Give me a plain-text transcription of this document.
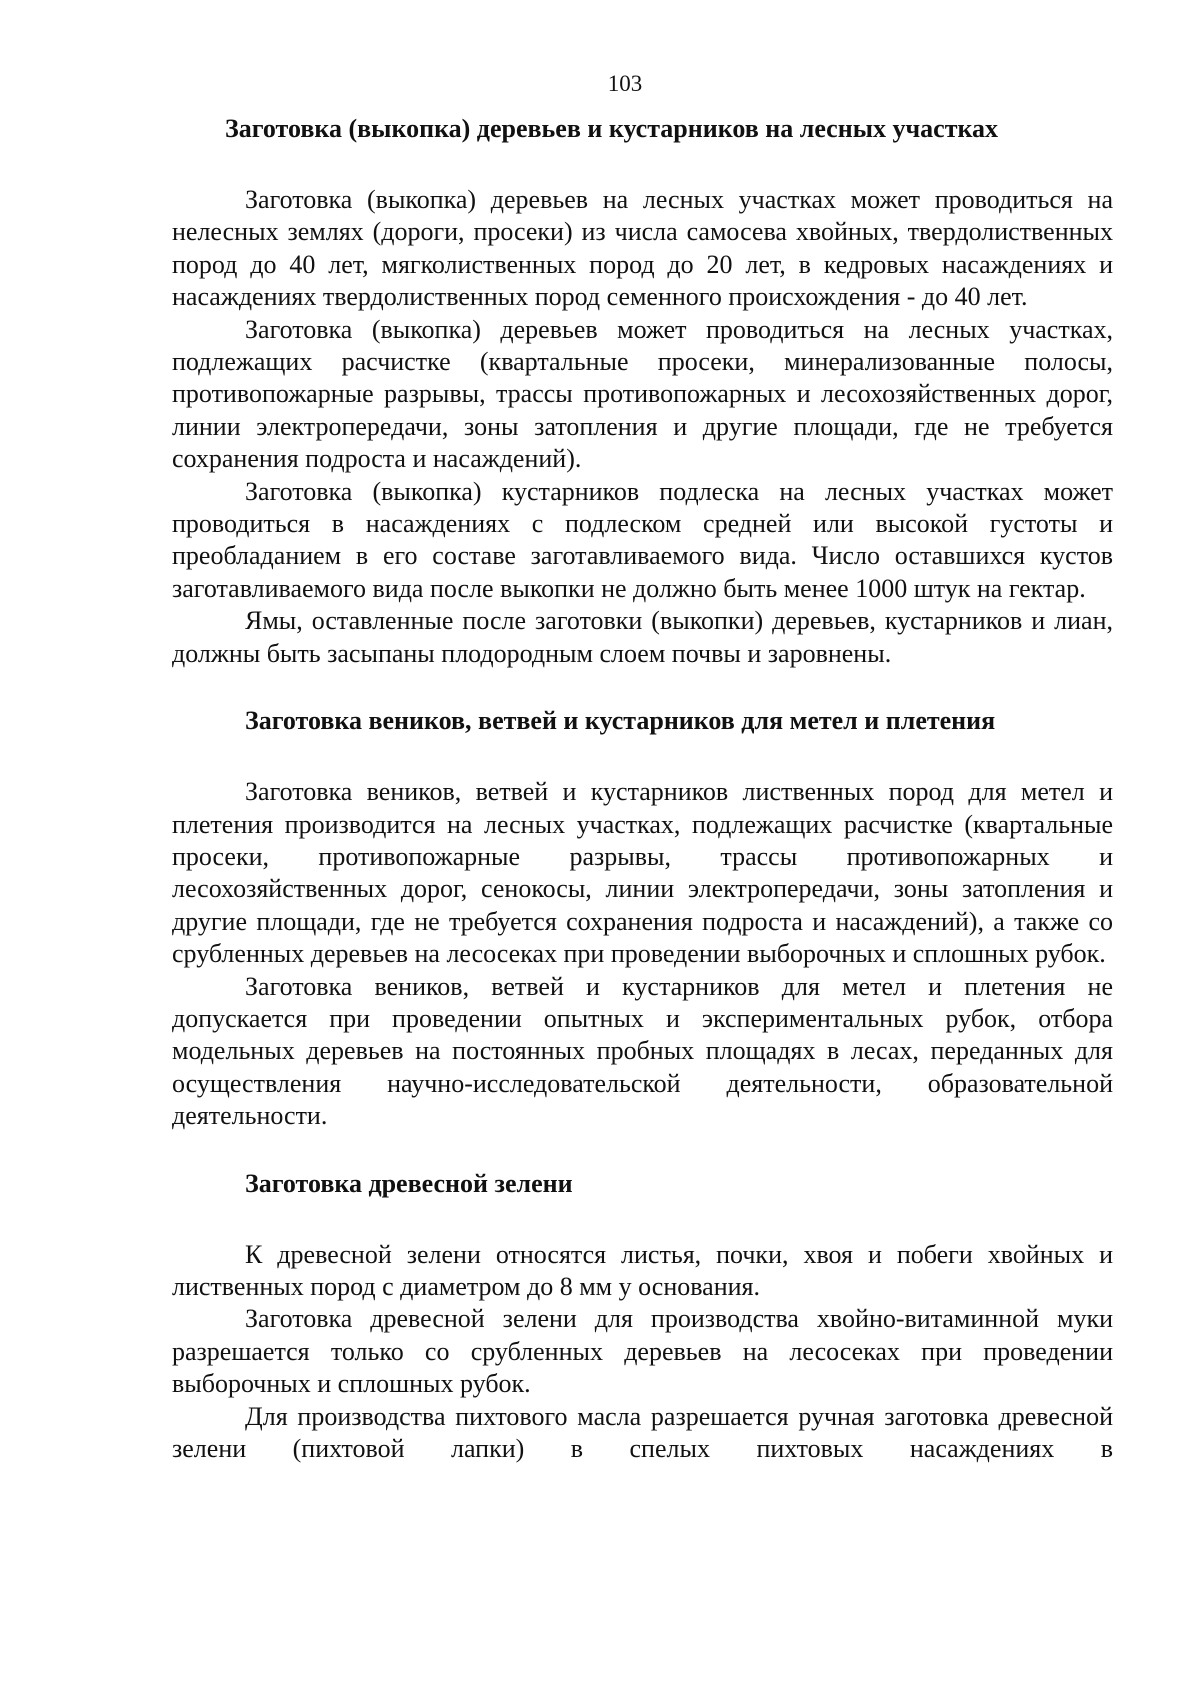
103
Заготовка (выкопка) деревьев и кустарников на лесных участках

Заготовка (выкопка) деревьев на лесных участках может проводиться на нелесных землях (дороги, просеки) из числа самосева хвойных, твердолиственных пород до 40 лет, мягколиственных пород до 20 лет, в кедровых насаждениях и насаждениях твердолиственных пород семенного происхождения - до 40 лет.

Заготовка (выкопка) деревьев может проводиться на лесных участках, подлежащих расчистке (квартальные просеки, минерализованные полосы, противопожарные разрывы, трассы противопожарных и лесохозяйственных дорог, линии электропередачи, зоны затопления и другие площади, где не требуется сохранения подроста и насаждений).

Заготовка (выкопка) кустарников подлеска на лесных участках может проводиться в насаждениях с подлеском средней или высокой густоты и преобладанием в его составе заготавливаемого вида. Число оставшихся кустов заготавливаемого вида после выкопки не должно быть менее 1000 штук на гектар.

Ямы, оставленные после заготовки (выкопки) деревьев, кустарников и лиан, должны быть засыпаны плодородным слоем почвы и заровнены.

Заготовка веников, ветвей и кустарников для метел и плетения

Заготовка веников, ветвей и кустарников лиственных пород для метел и плетения производится на лесных участках, подлежащих расчистке (квартальные просеки, противопожарные разрывы, трассы противопожарных и лесохозяйственных дорог, сенокосы, линии электропередачи, зоны затопления и другие площади, где не требуется сохранения подроста и насаждений), а также со срубленных деревьев на лесосеках при проведении выборочных и сплошных рубок.

Заготовка веников, ветвей и кустарников для метел и плетения не допускается при проведении опытных и экспериментальных рубок, отбора модельных деревьев на постоянных пробных площадях в лесах, переданных для осуществления научно-исследовательской деятельности, образовательной деятельности.

Заготовка древесной зелени

К древесной зелени относятся листья, почки, хвоя и побеги хвойных и лиственных пород с диаметром до 8 мм у основания.

Заготовка древесной зелени для производства хвойно-витаминной муки разрешается только со срубленных деревьев на лесосеках при проведении выборочных и сплошных рубок.

Для производства пихтового масла разрешается ручная заготовка древесной зелени (пихтовой лапки) в спелых пихтовых насаждениях в
